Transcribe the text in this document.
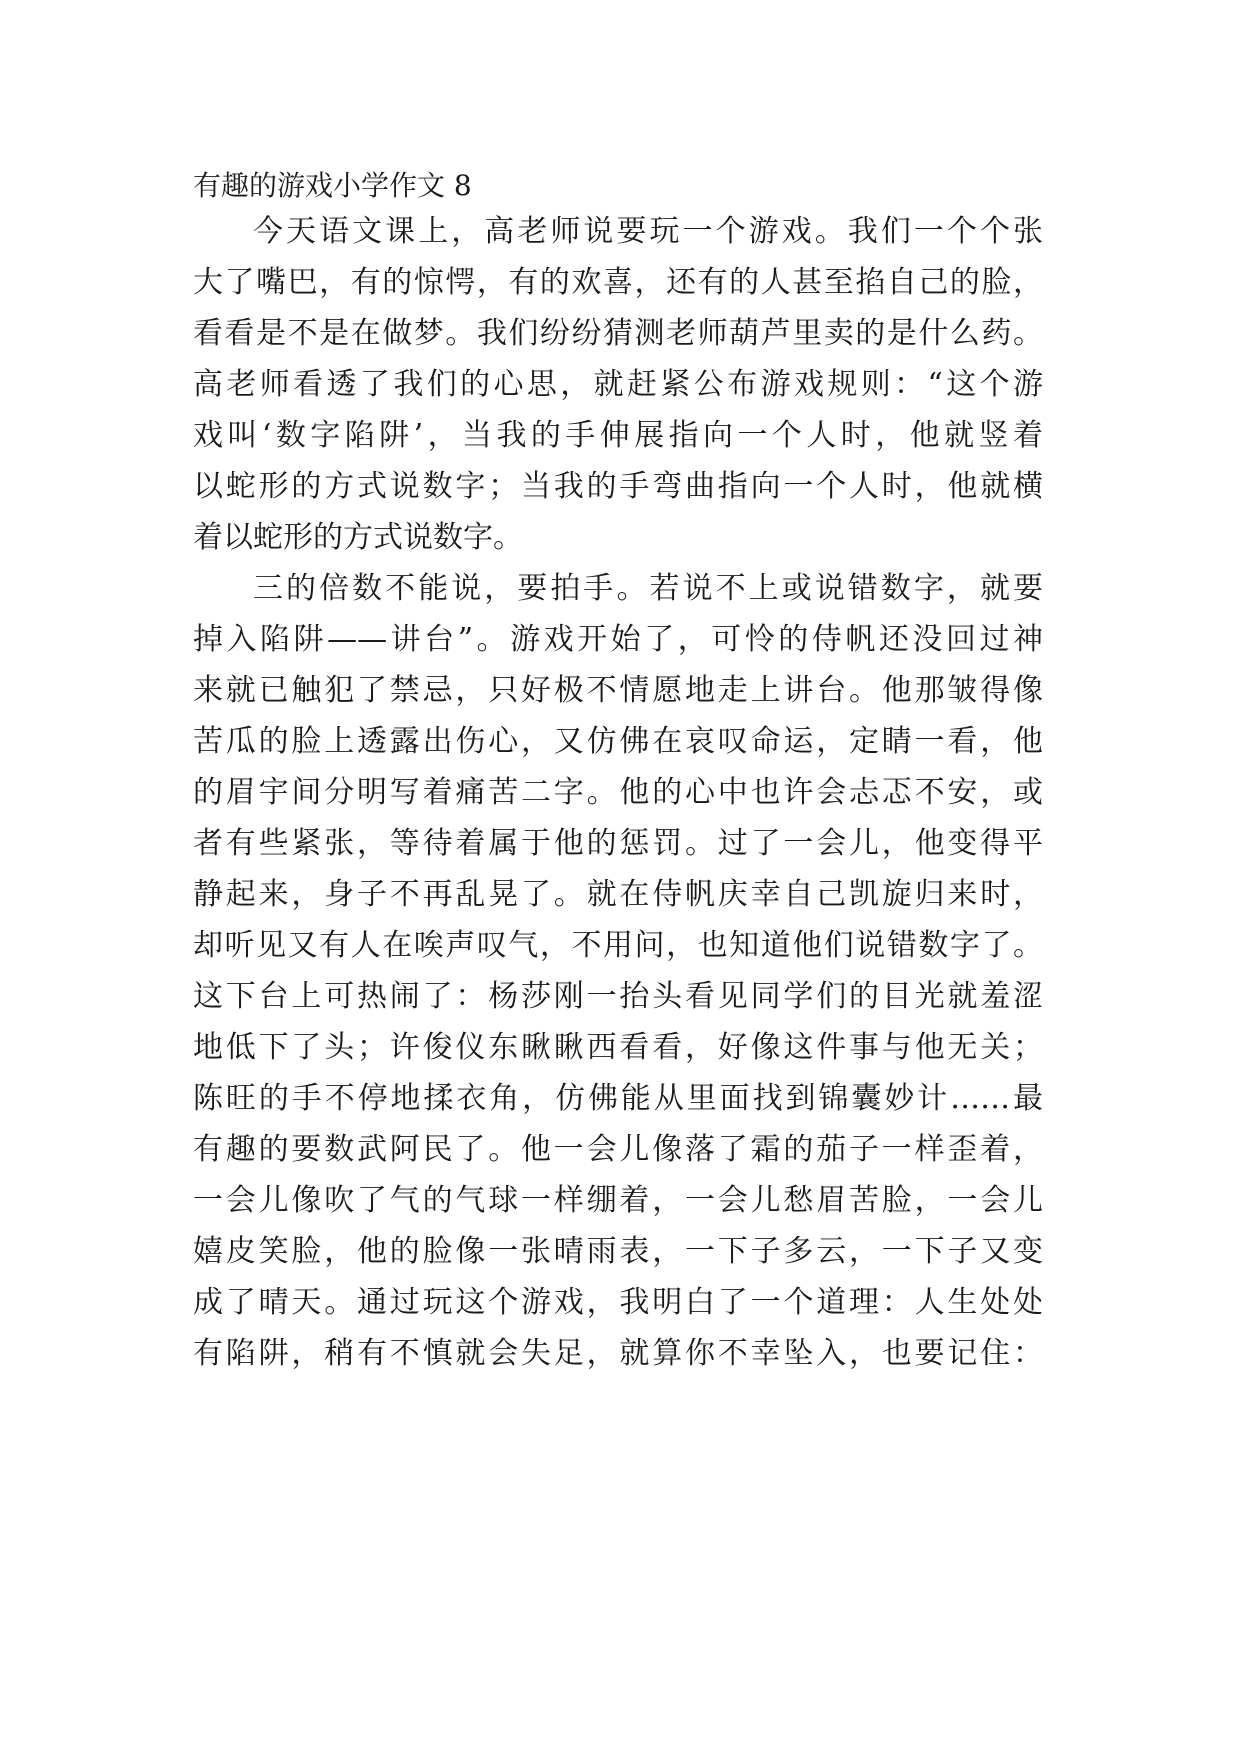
有趣的游戏小学作文 8

今天语文课上，高老师说要玩一个游戏。我们一个个张

大了嘴巴，有的惊愕，有的欢喜，还有的人甚至掐自己的脸，

看看是不是在做梦。我们纷纷猜测老师葫芦里卖的是什么药。

高老师看透了我们的心思，就赶紧公布游戏规则：“这个游

戏叫‘数字陷阱’，当我的手伸展指向一个人时，他就竖着

以蛇形的方式说数字；当我的手弯曲指向一个人时，他就横

着以蛇形的方式说数字。

三的倍数不能说，要拍手。若说不上或说错数字，就要

掉入陷阱——讲台”。游戏开始了，可怜的侍帆还没回过神

来就已触犯了禁忌，只好极不情愿地走上讲台。他那皱得像

苦瓜的脸上透露出伤心，又仿佛在哀叹命运，定睛一看，他

的眉宇间分明写着痛苦二字。他的心中也许会忐忑不安，或

者有些紧张，等待着属于他的惩罚。过了一会儿，他变得平

静起来，身子不再乱晃了。就在侍帆庆幸自己凯旋归来时，

却听见又有人在唉声叹气，不用问，也知道他们说错数字了。

这下台上可热闹了：杨莎刚一抬头看见同学们的目光就羞涩

地低下了头；许俊仪东瞅瞅西看看，好像这件事与他无关；

陈旺的手不停地揉衣角，仿佛能从里面找到锦囊妙计……最

有趣的要数武阿民了。他一会儿像落了霜的茄子一样歪着，

一会儿像吹了气的气球一样绷着，一会儿愁眉苦脸，一会儿

嬉皮笑脸，他的脸像一张晴雨表，一下子多云，一下子又变

成了晴天。通过玩这个游戏，我明白了一个道理：人生处处

有陷阱，稍有不慎就会失足，就算你不幸坠入，也要记住：
